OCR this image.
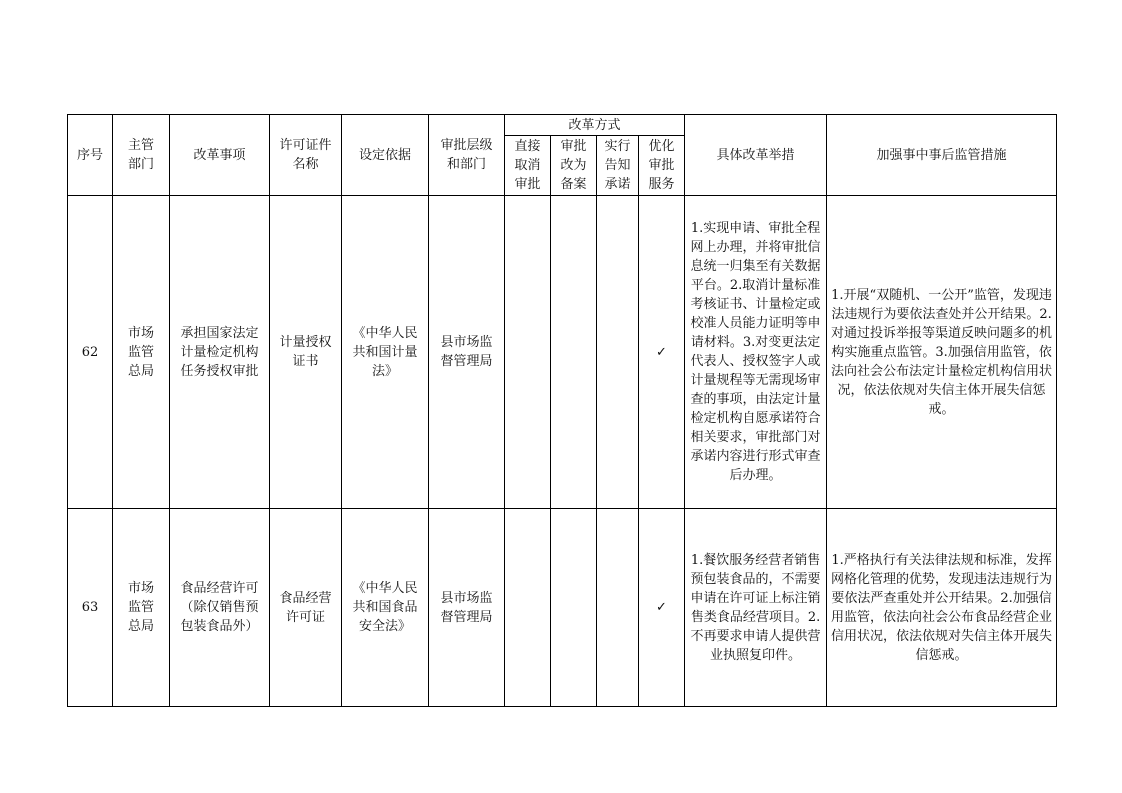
序号	主管部门	改革事项	许可证件名称	设定依据	审批层级和部门	改革方式				具体改革举措	加强事中事后监管措施
						直接取消审批	审批改为备案	实行告知承诺	优化审批服务		
62	市场监管总局	承担国家法定计量检定机构任务授权审批	计量授权证书	《中华人民共和国计量法》	县市场监督管理局				✓	1.实现申请、审批全程网上办理，并将审批信息统一归集至有关数据平台。2.取消计量标准考核证书、计量检定或校准人员能力证明等申请材料。3.对变更法定代表人、授权签字人或计量规程等无需现场审查的事项，由法定计量检定机构自愿承诺符合相关要求，审批部门对承诺内容进行形式审查后办理。	1.开展“双随机、一公开”监管，发现违法违规行为要依法查处并公开结果。2.对通过投诉举报等渠道反映问题多的机构实施重点监管。3.加强信用监管，依法向社会公布法定计量检定机构信用状况，依法依规对失信主体开展失信惩戒。
63	市场监管总局	食品经营许可（除仅销售预包装食品外）	食品经营许可证	《中华人民共和国食品安全法》	县市场监督管理局				✓	1.餐饮服务经营者销售预包装食品的，不需要申请在许可证上标注销售类食品经营项目。2.不再要求申请人提供营业执照复印件。	1.严格执行有关法律法规和标准，发挥网格化管理的优势，发现违法违规行为要依法严查重处并公开结果。2.加强信用监管，依法向社会公布食品经营企业信用状况，依法依规对失信主体开展失信惩戒。
